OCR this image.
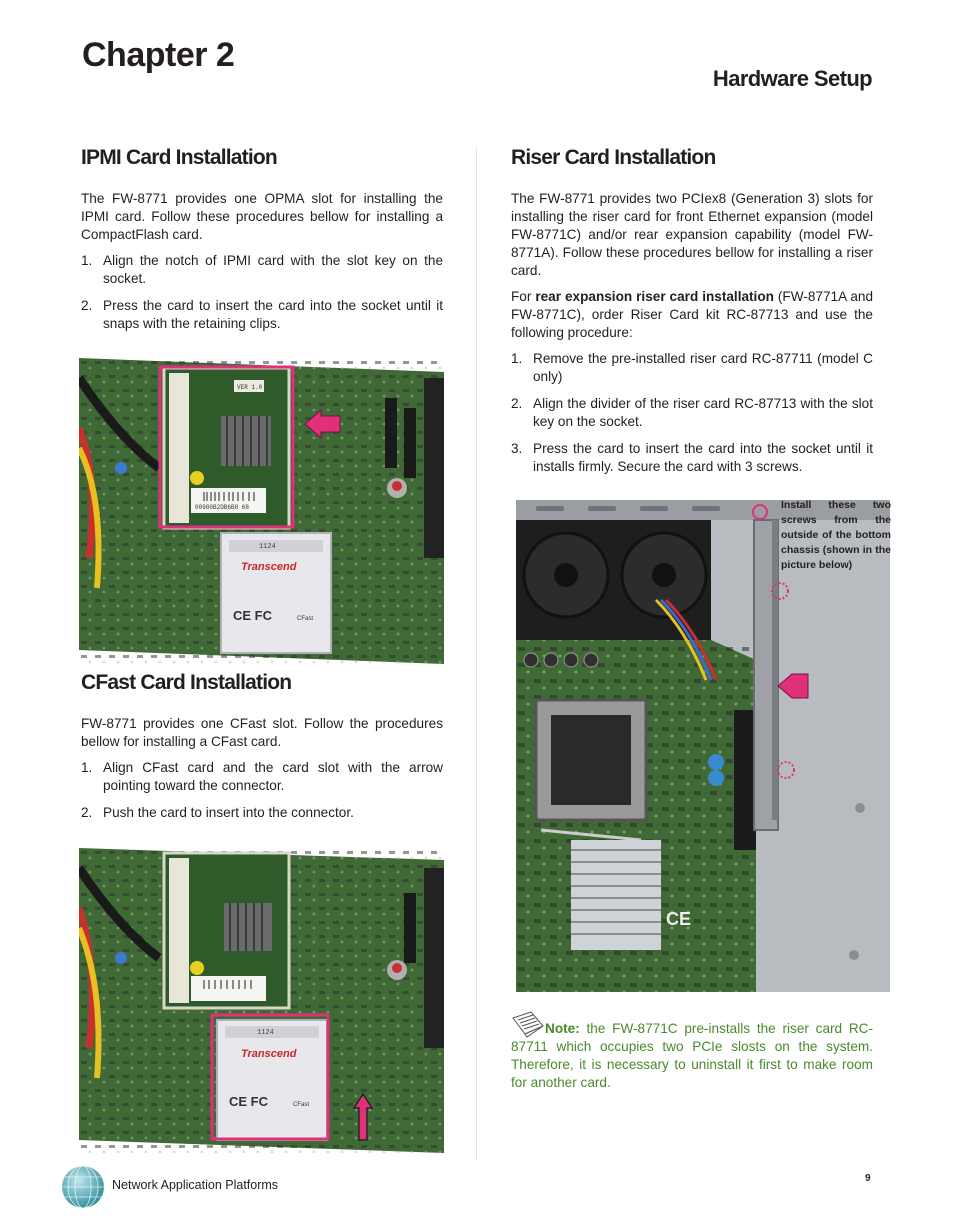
Chapter 2
Hardware Setup
IPMI Card Installation

The FW-8771 provides one OPMA slot for installing the IPMI card. Follow these procedures bellow for installing a CompactFlash card.

1. Align the notch of IPMI card with the slot key on the socket.
2. Press the card to insert the card into the socket until it snaps with the retaining clips.
VER 1.0
00900B2DB6B8 68
1124
Transcend
CE FC	CFast
CFast Card Installation

FW-8771 provides one CFast slot. Follow the procedures bellow for installing a CFast card.

1. Align CFast card and the card slot with the arrow pointing toward the connector.
2. Push the card to insert into the connector.
1124
Transcend
CE FC	CFast
Riser Card Installation

The FW-8771 provides two PCIex8 (Generation 3) slots for installing the riser card for front Ethernet expansion (model FW-8771C) and/or rear expansion capability (model FW-8771A). Follow these procedures bellow for installing a riser card.

For rear expansion riser card installation (FW-8771A and FW-8771C), order Riser Card kit RC-87713 and use the following procedure:

1. Remove the pre-installed riser card RC-87711 (model C only)
2. Align the divider of the riser card RC-87713 with the slot key on the socket.
3. Press the card to insert the card into the socket until it installs firmly. Secure the card with 3 screws.
CE
Install these two screws from the outside of the bottom chassis (shown in the picture below)
Note: the FW-8771C pre-installs the riser card RC-87711 which occupies two PCIe slosts on the system. Therefore, it is necessary to uninstall it first to make room for another card.
Network Application Platforms	9
